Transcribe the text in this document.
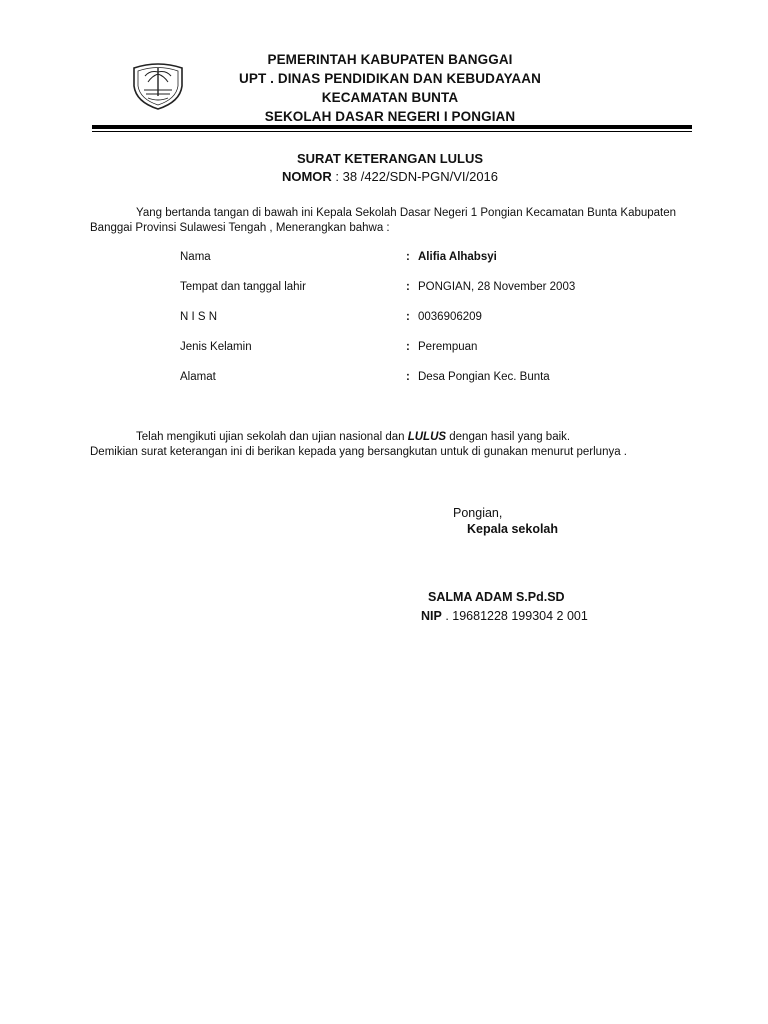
PEMERINTAH KABUPATEN BANGGAI
UPT . DINAS PENDIDIKAN DAN KEBUDAYAAN
KECAMATAN BUNTA
SEKOLAH DASAR NEGERI I PONGIAN
SURAT KETERANGAN LULUS
NOMOR : 38 /422/SDN-PGN/VI/2016
Yang bertanda tangan di bawah ini Kepala Sekolah Dasar Negeri 1 Pongian Kecamatan Bunta Kabupaten Banggai Provinsi Sulawesi Tengah , Menerangkan bahwa :
Nama	: Alifia Alhabsyi
Tempat dan tanggal lahir	: PONGIAN, 28 November 2003
N I S N	: 0036906209
Jenis Kelamin	: Perempuan
Alamat	: Desa Pongian Kec. Bunta
Telah mengikuti ujian sekolah dan ujian nasional dan LULUS dengan hasil yang baik.
Demikian surat keterangan ini di berikan kepada yang bersangkutan untuk di gunakan menurut perlunya .
Pongian,
Kepala sekolah
SALMA ADAM S.Pd.SD
NIP . 19681228 199304 2 001
